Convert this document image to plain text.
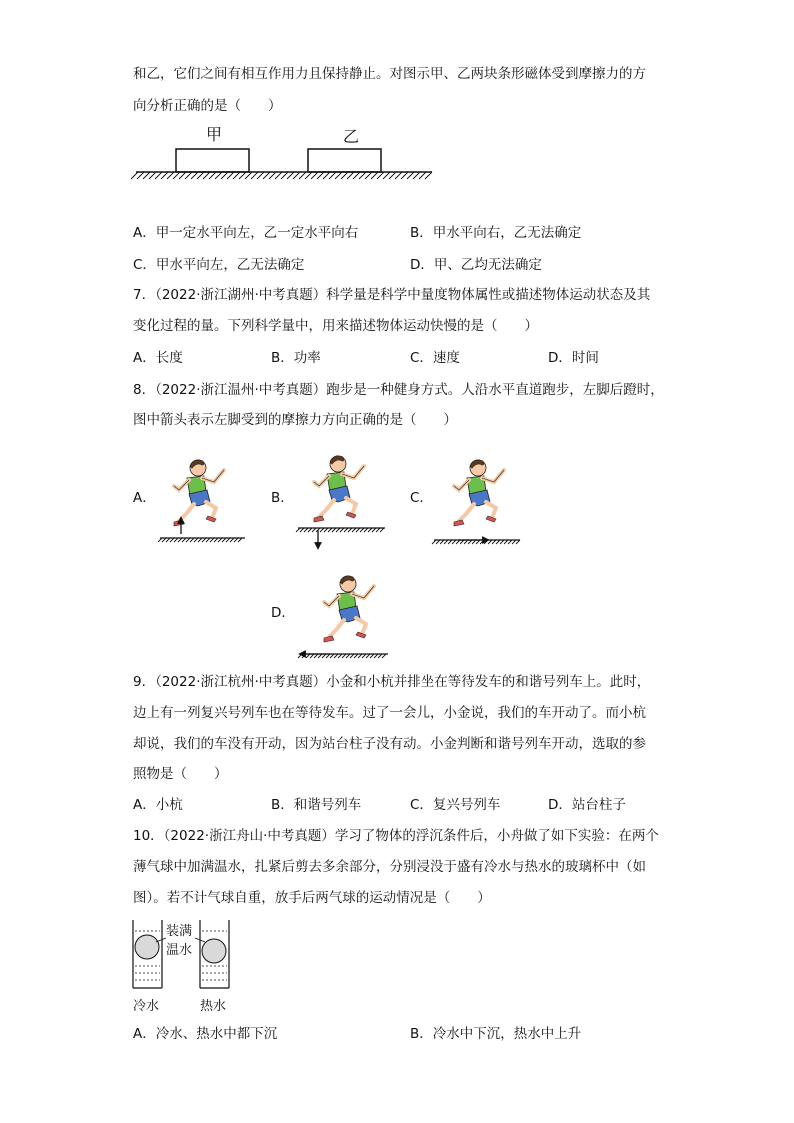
和乙，它们之间有相互作用力且保持静止。对图示甲、乙两块条形磁体受到摩擦力的方
向分析正确的是（　　）
甲	乙
A．甲一定水平向左，乙一定水平向右	B．甲水平向右，乙无法确定
C．甲水平向左，乙无法确定	D．甲、乙均无法确定
7．（2022·浙江湖州·中考真题）科学量是科学中量度物体属性或描述物体运动状态及其
变化过程的量。下列科学量中，用来描述物体运动快慢的是（　　）
A．长度	B．功率	C．速度	D．时间
8．（2022·浙江温州·中考真题）跑步是一种健身方式。人沿水平直道跑步，左脚后蹬时，
图中箭头表示左脚受到的摩擦力方向正确的是（　　）
A．	B．	C．
D．
9．（2022·浙江杭州·中考真题）小金和小杭并排坐在等待发车的和谐号列车上。此时，
边上有一列复兴号列车也在等待发车。过了一会儿，小金说，我们的车开动了。而小杭
却说，我们的车没有开动，因为站台柱子没有动。小金判断和谐号列车开动，选取的参
照物是（　　）
A．小杭	B．和谐号列车	C．复兴号列车	D．站台柱子
10．（2022·浙江舟山·中考真题）学习了物体的浮沉条件后，小舟做了如下实验：在两个
薄气球中加满温水，扎紧后剪去多余部分，分别浸没于盛有冷水与热水的玻璃杯中（如
图）。若不计气球自重，放手后两气球的运动情况是（　　）
装满
温水
冷水	热水
A．冷水、热水中都下沉	B．冷水中下沉，热水中上升
